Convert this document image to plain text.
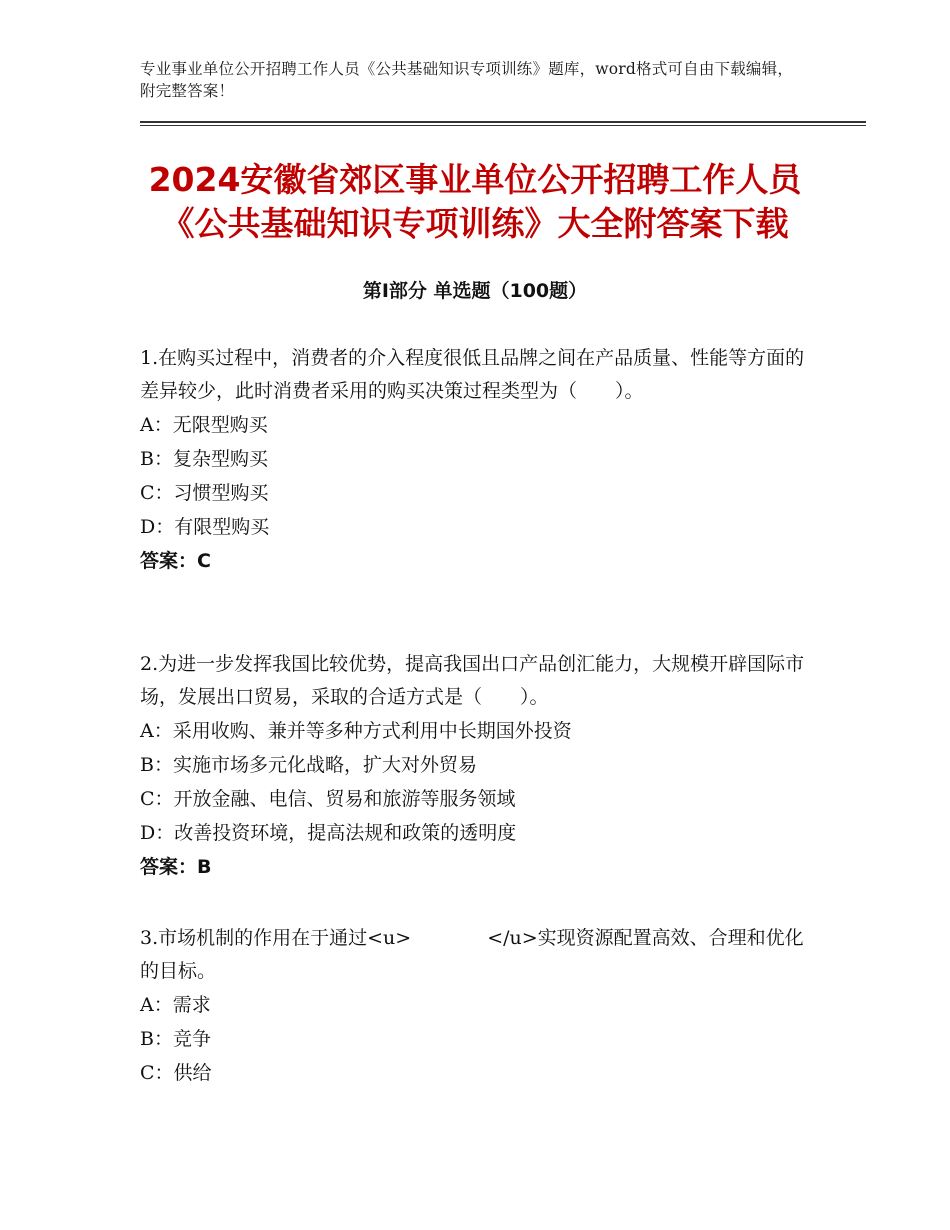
专业事业单位公开招聘工作人员《公共基础知识专项训练》题库，word格式可自由下载编辑，附完整答案！
2024安徽省郊区事业单位公开招聘工作人员
《公共基础知识专项训练》大全附答案下载
第Ⅰ部分 单选题（100题）

1.在购买过程中，消费者的介入程度很低且品牌之间在产品质量、性能等方面的差异较少，此时消费者采用的购买决策过程类型为（　　）。

A：无限型购买

B：复杂型购买

C：习惯型购买

D：有限型购买

答案：C

2.为进一步发挥我国比较优势，提高我国出口产品创汇能力，大规模开辟国际市场，发展出口贸易，采取的合适方式是（　　）。

A：采用收购、兼并等多种方式利用中长期国外投资

B：实施市场多元化战略，扩大对外贸易

C：开放金融、电信、贸易和旅游等服务领域

D：改善投资环境，提高法规和政策的透明度

答案：B

3.市场机制的作用在于通过<u>　　　　</u>实现资源配置高效、合理和优化的目标。

A：需求

B：竞争

C：供给
